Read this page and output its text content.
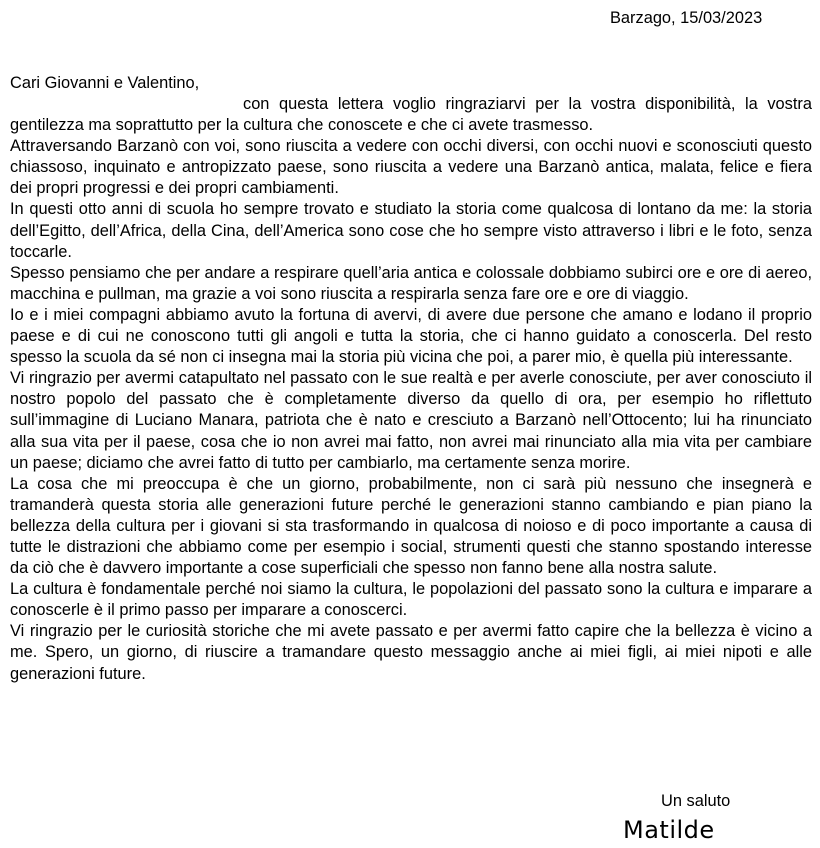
Barzago, 15/03/2023
Cari Giovanni e Valentino,

con questa lettera voglio ringraziarvi per la vostra disponibilità, la vostra gentilezza ma soprattutto per la cultura che conoscete e che ci avete trasmesso.

Attraversando Barzanò con voi, sono riuscita a vedere con occhi diversi, con occhi nuovi e sconosciuti questo chiassoso, inquinato e antropizzato paese, sono riuscita a vedere una Barzanò antica, malata, felice e fiera dei propri progressi e dei propri cambiamenti.

In questi otto anni di scuola ho sempre trovato e studiato la storia come qualcosa di lontano da me: la storia dell’Egitto, dell’Africa, della Cina, dell’America sono cose che ho sempre visto attraverso i libri e le foto, senza toccarle.

Spesso pensiamo che per andare a respirare quell’aria antica e colossale dobbiamo subirci ore e ore di aereo, macchina e pullman, ma grazie a voi sono riuscita a respirarla senza fare ore e ore di viaggio.

Io e i miei compagni abbiamo avuto la fortuna di avervi, di avere due persone che amano e lodano il proprio paese e di cui ne conoscono tutti gli angoli e tutta la storia, che ci hanno guidato a conoscerla. Del resto spesso la scuola da sé non ci insegna mai la storia più vicina che poi, a parer mio, è quella più interessante.

Vi ringrazio per avermi catapultato nel passato con le sue realtà e per averle conosciute, per aver conosciuto il nostro popolo del passato che è completamente diverso da quello di ora, per esempio ho riflettuto sull’immagine di Luciano Manara, patriota che è nato e cresciuto a Barzanò nell’Ottocento; lui ha rinunciato alla sua vita per il paese, cosa che io non avrei mai fatto, non avrei mai rinunciato alla mia vita per cambiare un paese; diciamo che avrei fatto di tutto per cambiarlo, ma certamente senza morire.

La cosa che mi preoccupa è che un giorno, probabilmente, non ci sarà più nessuno che insegnerà e tramanderà questa storia alle generazioni future perché le generazioni stanno cambiando e pian piano la bellezza della cultura per i giovani si sta trasformando in qualcosa di noioso e di poco importante a causa di tutte le distrazioni che abbiamo come per esempio i social, strumenti questi che stanno spostando interesse da ciò che è davvero importante a cose superficiali che spesso non fanno bene alla nostra salute.

La cultura è fondamentale perché noi siamo la cultura, le popolazioni del passato sono la cultura e imparare a conoscerle è il primo passo per imparare a conoscerci.

Vi ringrazio per le curiosità storiche che mi avete passato e per avermi fatto capire che la bellezza è vicino a me. Spero, un giorno, di riuscire a tramandare questo messaggio anche ai miei figli, ai miei nipoti e alle generazioni future.

Un saluto
Matilde
